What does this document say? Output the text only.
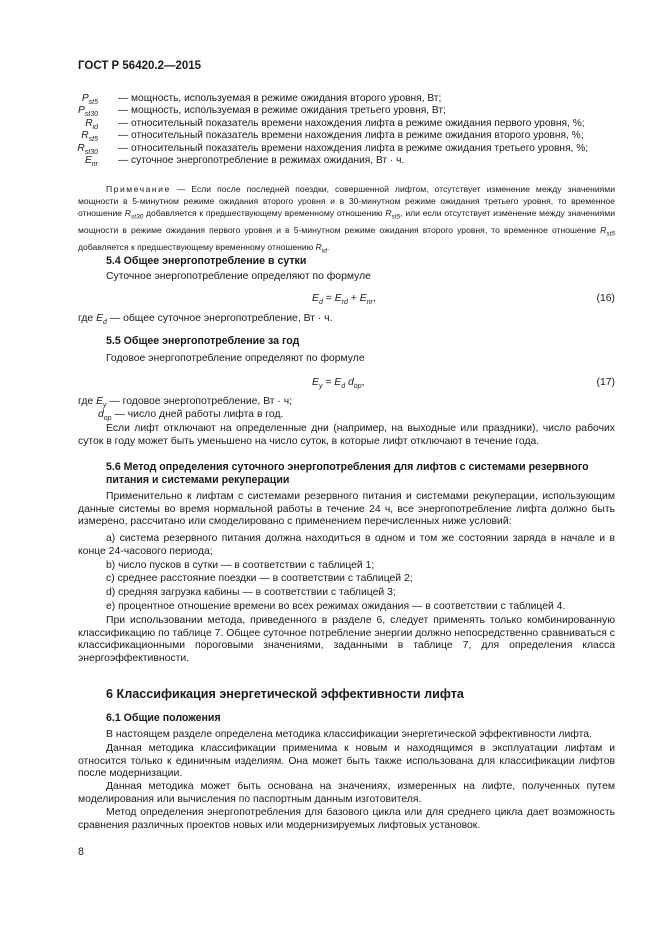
ГОСТ Р 56420.2—2015
$P_{st5}$ — мощность, используемая в режиме ожидания второго уровня, Вт;
$P_{st30}$ — мощность, используемая в режиме ожидания третьего уровня, Вт;
$R_{id}$ — относительный показатель времени нахождения лифта в режиме ожидания первого уровня, %;
$R_{st5}$ — относительный показатель времени нахождения лифта в режиме ожидания второго уровня, %;
$R_{st30}$ — относительный показатель времени нахождения лифта в режиме ожидания третьего уровня, %;
$E_{nr}$ — суточное энергопотребление в режимах ожидания, Вт · ч.
Примечание — Если после последней поездки, совершенной лифтом, отсутствует изменение между значениями мощности в 5-минутном режиме ожидания второго уровня и в 30-минутном режиме ожидания третьего уровня, то временное отношение $R_{st30}$ добавляется к предшествующему временному отношению $R_{st5}$, или если отсутствует изменение между значениями мощности в режиме ожидания первого уровня и в 5-минутном режиме ожидания второго уровня, то временное отношение $R_{st5}$ добавляется к предшествующему временному отношению $R_{id}$.
5.4 Общее энергопотребление в сутки
Суточное энергопотребление определяют по формуле
$E_d = E_{rd} + E_{nr}$,	(16)
где $E_d$ — общее суточное энергопотребление, Вт · ч.
5.5 Общее энергопотребление за год
Годовое энергопотребление определяют по формуле
$E_y = E_d$ $d_{op}$,	(17)
где $E_y$ — годовое энергопотребление, Вт · ч;
$d_{op}$ — число дней работы лифта в год.
Если лифт отключают на определенные дни (например, на выходные или праздники), число рабочих суток в году может быть уменьшено на число суток, в которые лифт отключают в течение года.
5.6 Метод определения суточного энергопотребления для лифтов с системами резервного питания и системами рекуперации
Применительно к лифтам с системами резервного питания и системами рекуперации, использующим данные системы во время нормальной работы в течение 24 ч, все энергопотребление лифта должно быть измерено, рассчитано или смоделировано с применением перечисленных ниже условий:
а) система резервного питания должна находиться в одном и том же состоянии заряда в начале и в конце 24-часового периода;
b) число пусков в сутки — в соответствии с таблицей 1;
c) среднее расстояние поездки — в соответствии с таблицей 2;
d) средняя загрузка кабины — в соответствии с таблицей 3;
e) процентное отношение времени во всех режимах ожидания — в соответствии с таблицей 4.
При использовании метода, приведенного в разделе 6, следует применять только комбинированную классификацию по таблице 7. Общее суточное потребление энергии должно непосредственно сравниваться с классификационными пороговыми значениями, заданными в таблице 7, для определения класса энергоэффективности.
6 Классификация энергетической эффективности лифта
6.1 Общие положения
В настоящем разделе определена методика классификации энергетической эффективности лифта.
Данная методика классификации применима к новым и находящимся в эксплуатации лифтам и относится только к единичным изделиям. Она может быть также использована для классификации лифтов после модернизации.
Данная методика может быть основана на значениях, измеренных на лифте, полученных путем моделирования или вычисления по паспортным данным изготовителя.
Метод определения энергопотребления для базового цикла или для среднего цикла дает возможность сравнения различных проектов новых или модернизируемых лифтовых установок.
8
